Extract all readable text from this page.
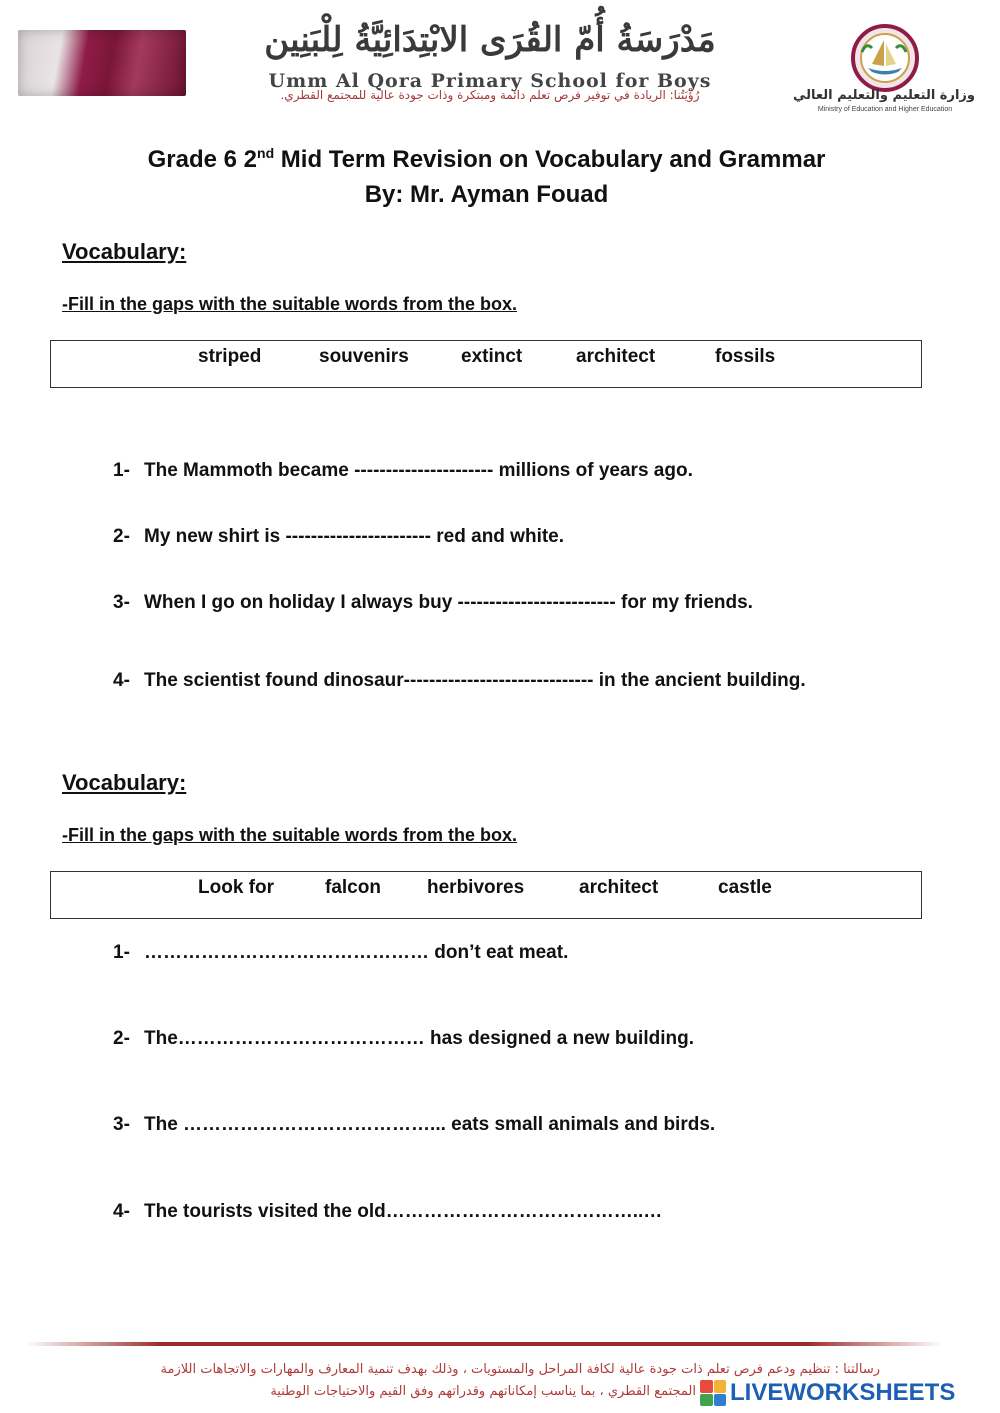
مَدْرَسَةُ أُمّ القُرَى الابْتِدَائِيَّةُ لِلْبَنِين
Umm Al Qora Primary School for Boys
رُؤْيَتُنا: الريادة في توفير فرص تعلم دائمة ومبتكرة وذات جودة عالية للمجتمع القطري.	وزارة التعليم والتعليم العالي
Ministry of Education and Higher Education
Grade 6 2nd Mid Term Revision on Vocabulary and Grammar
By: Mr. Ayman Fouad
Vocabulary:
-Fill in the gaps with the suitable words from the box.
striped	souvenirs	extinct	architect	fossils
1- The Mammoth became ---------------------- millions of years ago.
2- My new shirt is ----------------------- red and white.
3- When I go on holiday I always buy ------------------------- for my friends.
4- The scientist found dinosaur------------------------------ in the ancient building.
Vocabulary:
-Fill in the gaps with the suitable words from the box.
Look for	falcon herbivores	architect	castle
1- ……………………………………… don’t eat meat.
2- The………………………………… has designed a new building.
3- The …………………………………... eats small animals and birds.
4- The tourists visited the old…………………………………..…
رسالتنا : تنظيم ودعم فرص تعلم ذات جودة عالية لكافة المراحل والمستويات ، وذلك بهدف تنمية المعارف والمهارات والاتجاهات اللازمة
المجتمع القطري ، بما يناسب إمكاناتهم وقدراتهم وفق القيم والاحتياجات الوطنية LIVEWORKSHEETS
